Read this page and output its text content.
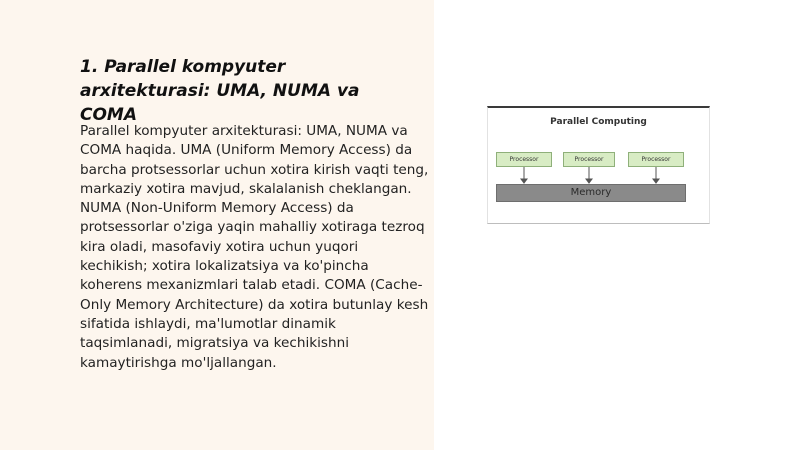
1. Parallel kompyuter arxitekturasi: UMA, NUMA va COMA

Parallel kompyuter arxitekturasi: UMA, NUMA va COMA haqida. UMA (Uniform Memory Access) da barcha protsessorlar uchun xotira kirish vaqti teng, markaziy xotira mavjud, skalalanish cheklangan. NUMA (Non-Uniform Memory Access) da protsessorlar o'ziga yaqin mahalliy xotiraga tezroq kira oladi, masofaviy xotira uchun yuqori kechikish; xotira lokalizatsiya va ko'pincha koherens mexanizmlari talab etadi. COMA (Cache-Only Memory Architecture) da xotira butunlay kesh sifatida ishlaydi, ma'lumotlar dinamik taqsimlanadi, migratsiya va kechikishni kamaytirishga mo'ljallangan.

Parallel Computing
Processor	Processor	Processor
Memory
